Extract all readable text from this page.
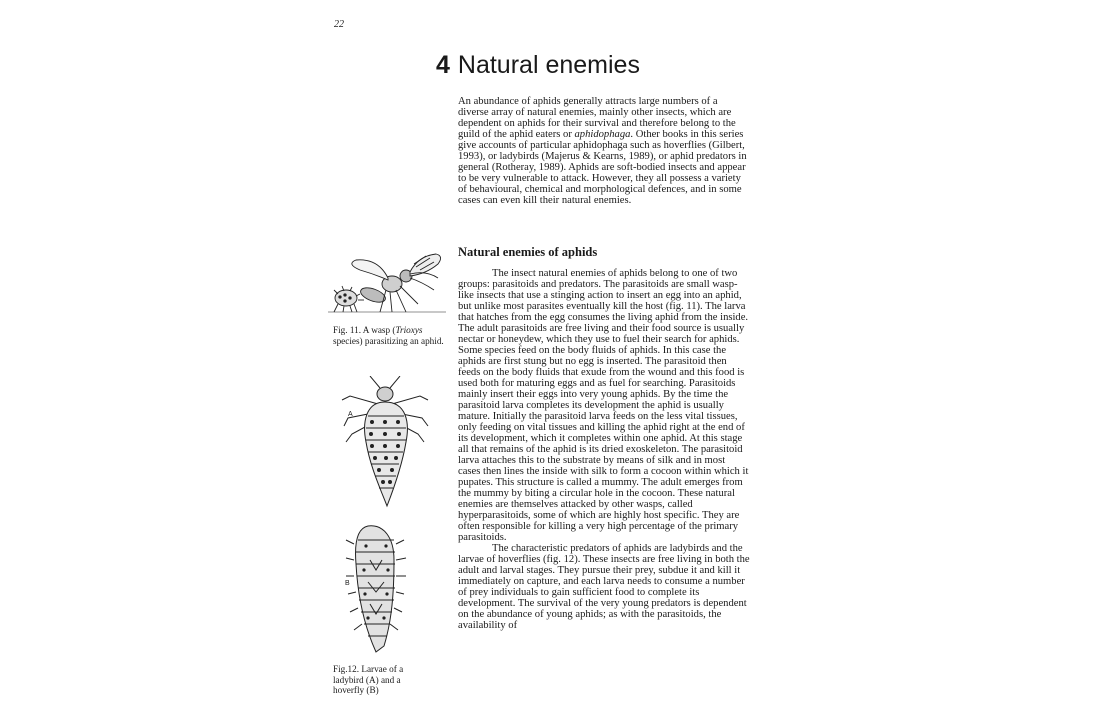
22
4 Natural enemies

An abundance of aphids generally attracts large numbers of a diverse array of natural enemies, mainly other insects, which are dependent on aphids for their survival and therefore belong to the guild of the aphid eaters or aphidophaga. Other books in this series give accounts of particular aphidophaga such as hoverflies (Gilbert, 1993), or ladybirds (Majerus & Kearns, 1989), or aphid predators in general (Rotheray, 1989). Aphids are soft-bodied insects and appear to be very vulnerable to attack. However, they all possess a variety of behavioural, chemical and morphological defences, and in some cases can even kill their natural enemies.

Natural enemies of aphids

The insect natural enemies of aphids belong to one of two groups: parasitoids and predators. The parasitoids are small wasp-like insects that use a stinging action to insert an egg into an aphid, but unlike most parasites eventually kill the host (fig. 11). The larva that hatches from the egg consumes the living aphid from the inside. The adult parasitoids are free living and their food source is usually nectar or honeydew, which they use to fuel their search for aphids. Some species feed on the body fluids of aphids. In this case the aphids are first stung but no egg is inserted. The parasitoid then feeds on the body fluids that exude from the wound and this food is used both for maturing eggs and as fuel for searching. Parasitoids mainly insert their eggs into very young aphids. By the time the parasitoid larva completes its development the aphid is usually mature. Initially the parasitoid larva feeds on the less vital tissues, only feeding on vital tissues and killing the aphid right at the end of its development, which it completes within one aphid. At this stage all that remains of the aphid is its dried exoskeleton. The parasitoid larva attaches this to the substrate by means of silk and in most cases then lines the inside with silk to form a cocoon within which it pupates. This structure is called a mummy. The adult emerges from the mummy by biting a circular hole in the cocoon. These natural enemies are themselves attacked by other wasps, called hyperparasitoids, some of which are highly host specific. They are often responsible for killing a very high percentage of the primary parasitoids.

The characteristic predators of aphids are ladybirds and the larvae of hoverflies (fig. 12). These insects are free living in both the adult and larval stages. They pursue their prey, subdue it and kill it immediately on capture, and each larva needs to consume a number of prey individuals to gain sufficient food to complete its development. The survival of the very young predators is dependent on the abundance of young aphids; as with the parasitoids, the availability of

Fig. 11. A wasp (Trioxys species) parasitizing an aphid.

A
B

Fig.12. Larvae of a ladybird (A) and a hoverfly (B)
